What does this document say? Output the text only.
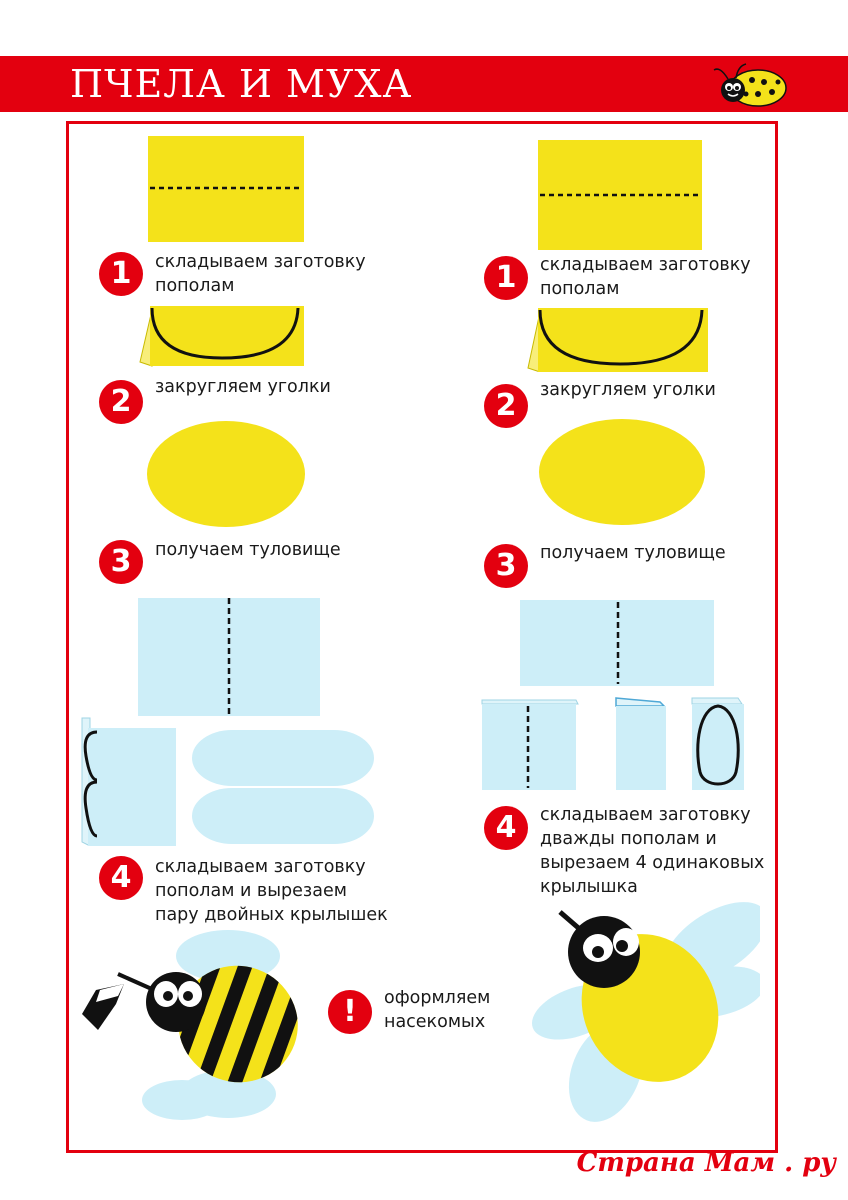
ПЧЕЛА И МУХА
1	складываем заготовку
пополам
2	закругляем уголки
3	получаем туловище
4	складываем заготовку
пополам и вырезаем
пару двойных крылышек
1	складываем заготовку
пополам
2	закругляем уголки
3	получаем туловище
4	складываем заготовку
дважды пополам и
вырезаем 4 одинаковых
крылышка
!	оформляем
насекомых
Страна Мам . ру
